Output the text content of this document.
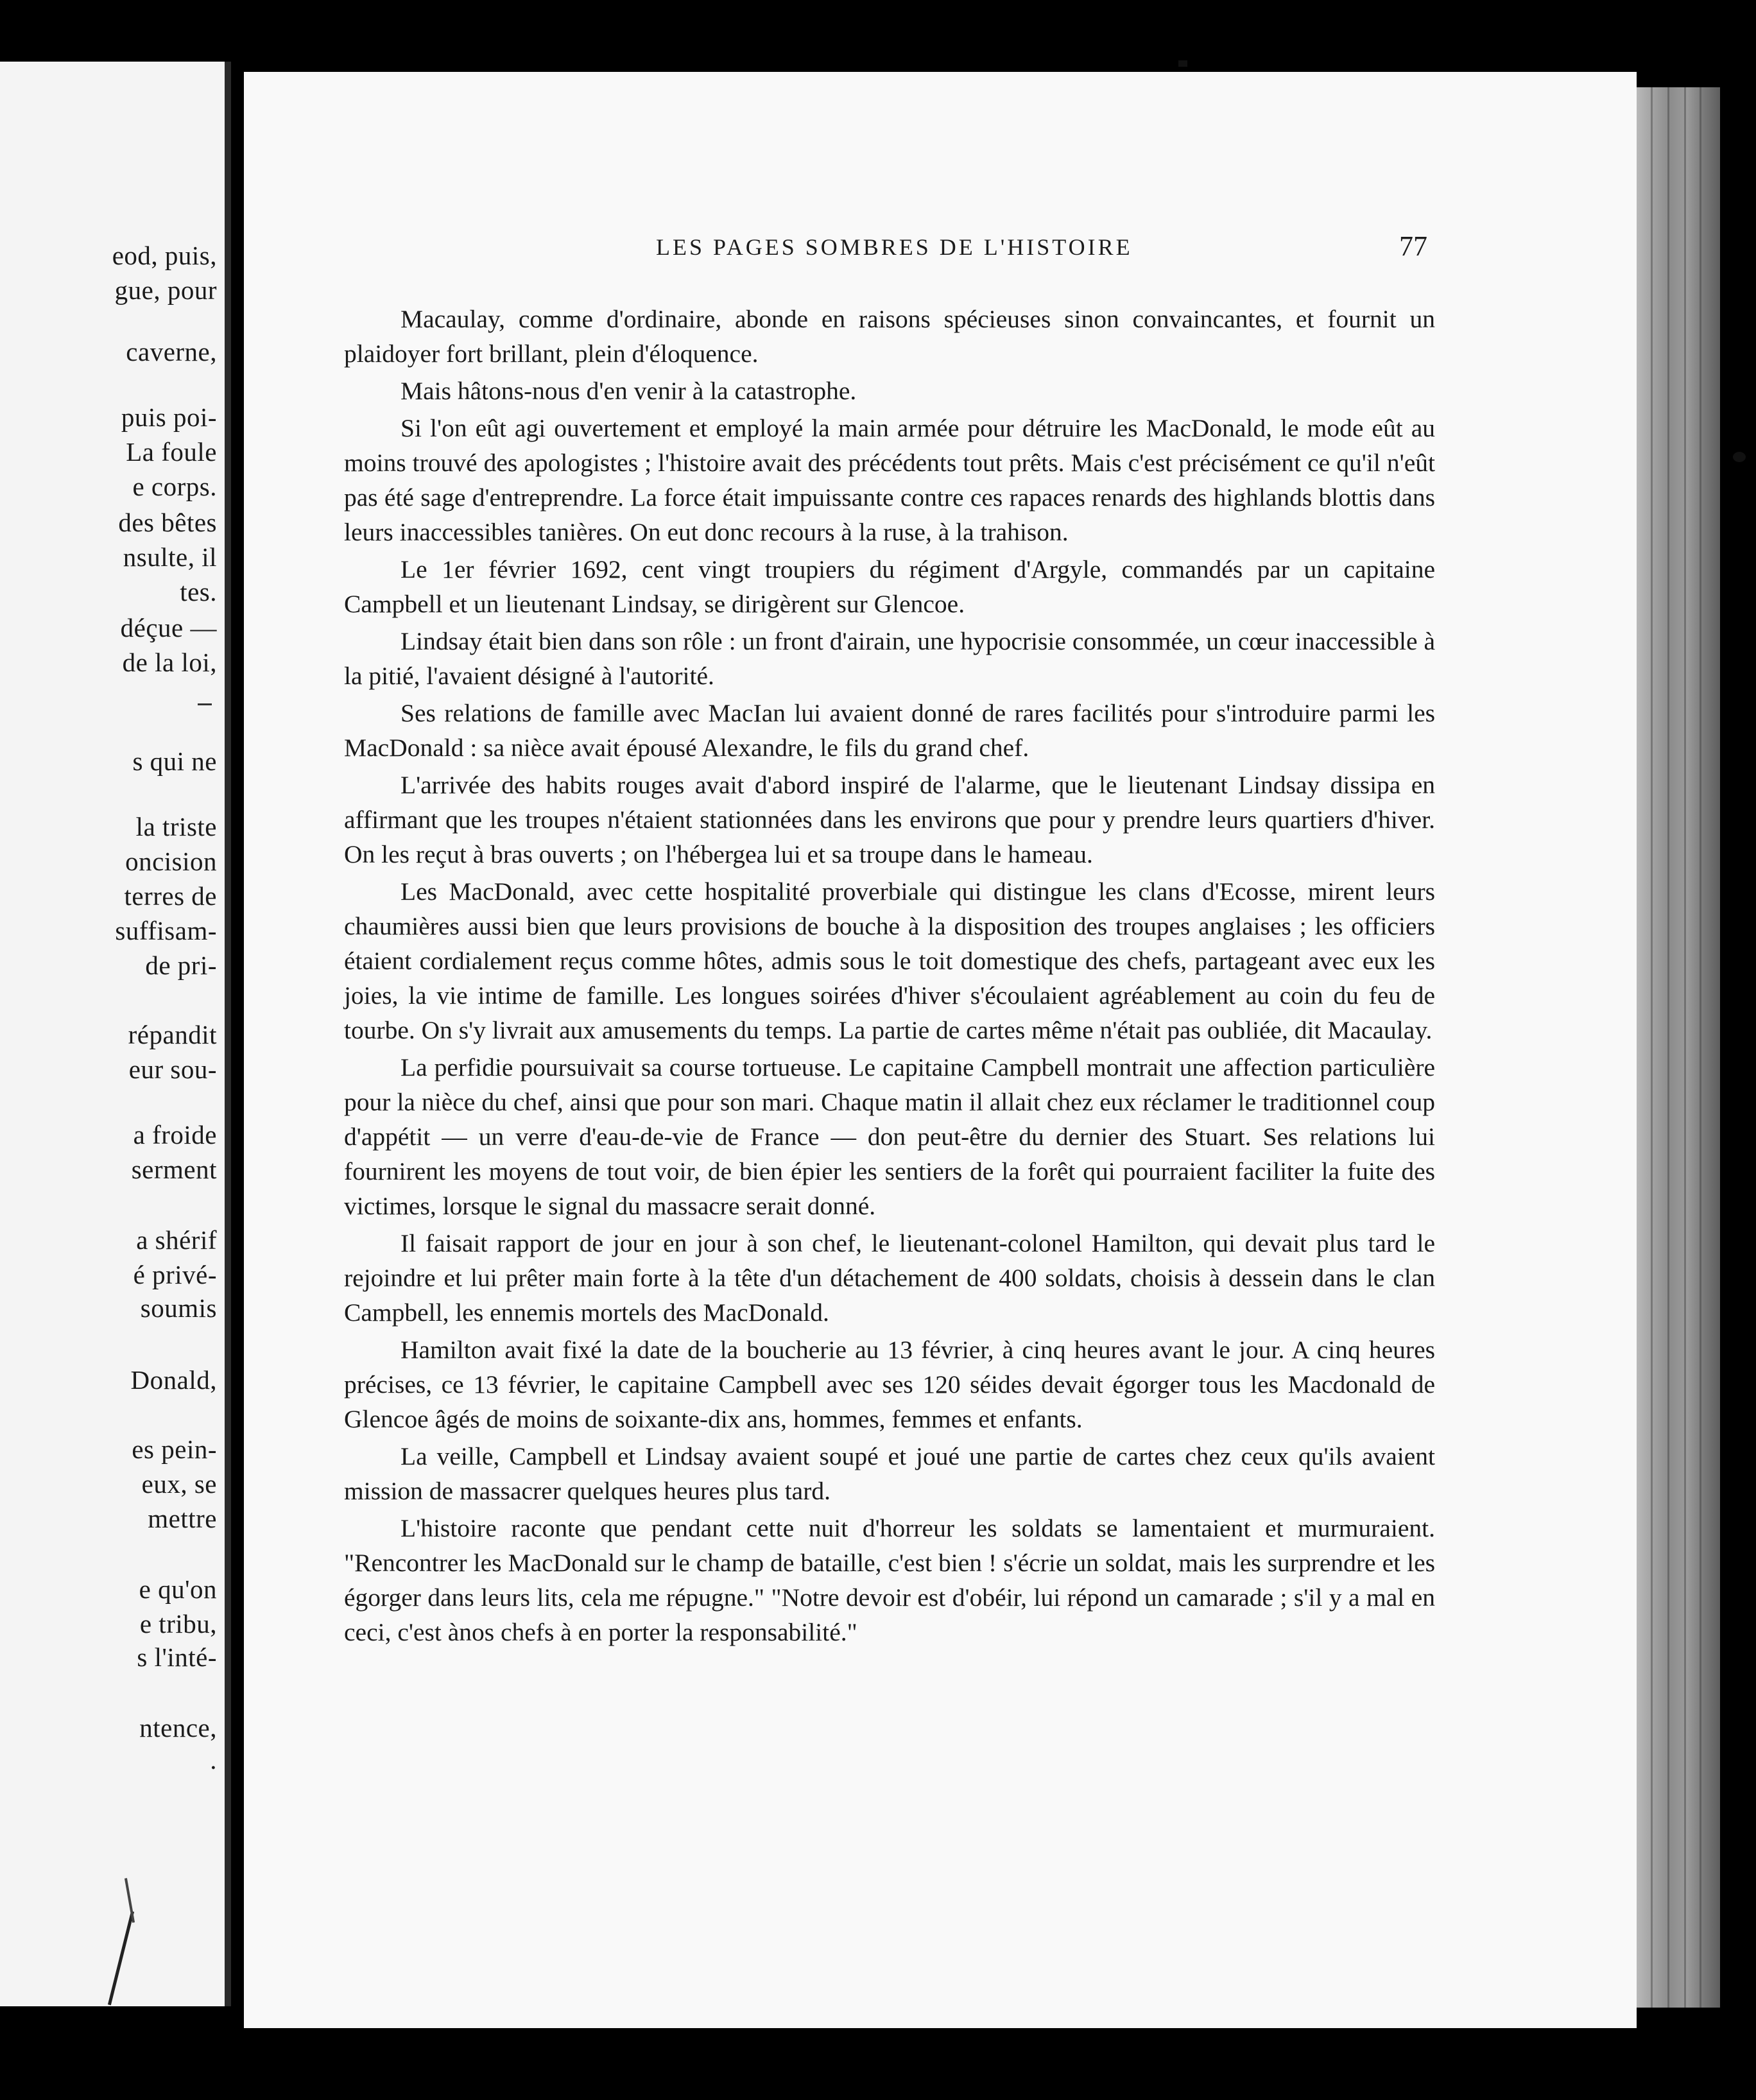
eod, puis,
gue, pour
caverne,
puis poi-
La foule
e corps.
des bêtes
nsulte, il
tes.
déçue —
de la loi,
s qui ne
la triste
oncision
terres de
suffisam-
de pri-
répandit
eur sou-
a froide
serment
a shérif
é privé-
soumis
Donald,
es pein-
eux, se
mettre
e qu'on
e tribu,
s l'inté-
ntence,
.
LES PAGES SOMBRES DE L'HISTOIRE	77

Macaulay, comme d'ordinaire, abonde en raisons spécieuses sinon convaincantes, et fournit un plaidoyer fort brillant, plein d'éloquence.

Mais hâtons-nous d'en venir à la catastrophe.

Si l'on eût agi ouvertement et employé la main armée pour détruire les MacDonald, le mode eût au moins trouvé des apologistes ; l'histoire avait des précédents tout prêts. Mais c'est précisément ce qu'il n'eût pas été sage d'entreprendre. La force était impuissante contre ces rapaces renards des highlands blottis dans leurs inaccessibles tanières. On eut donc recours à la ruse, à la trahison.

Le 1er février 1692, cent vingt troupiers du régiment d'Argyle, commandés par un capitaine Campbell et un lieutenant Lindsay, se dirigèrent sur Glencoe.

Lindsay était bien dans son rôle : un front d'airain, une hypocrisie consommée, un cœur inaccessible à la pitié, l'avaient désigné à l'autorité.

Ses relations de famille avec MacIan lui avaient donné de rares facilités pour s'introduire parmi les MacDonald : sa nièce avait épousé Alexandre, le fils du grand chef.

L'arrivée des habits rouges avait d'abord inspiré de l'alarme, que le lieutenant Lindsay dissipa en affirmant que les troupes n'étaient stationnées dans les environs que pour y prendre leurs quartiers d'hiver. On les reçut à bras ouverts ; on l'hébergea lui et sa troupe dans le hameau.

Les MacDonald, avec cette hospitalité proverbiale qui distingue les clans d'Ecosse, mirent leurs chaumières aussi bien que leurs provisions de bouche à la disposition des troupes anglaises ; les officiers étaient cordialement reçus comme hôtes, admis sous le toit domestique des chefs, partageant avec eux les joies, la vie intime de famille. Les longues soirées d'hiver s'écoulaient agréablement au coin du feu de tourbe. On s'y livrait aux amusements du temps. La partie de cartes même n'était pas oubliée, dit Macaulay.

La perfidie poursuivait sa course tortueuse. Le capitaine Campbell montrait une affection particulière pour la nièce du chef, ainsi que pour son mari. Chaque matin il allait chez eux réclamer le traditionnel coup d'appétit — un verre d'eau-de-vie de France — don peut-être du dernier des Stuart. Ses relations lui fournirent les moyens de tout voir, de bien épier les sentiers de la forêt qui pourraient faciliter la fuite des victimes, lorsque le signal du massacre serait donné.

Il faisait rapport de jour en jour à son chef, le lieutenant-colonel Hamilton, qui devait plus tard le rejoindre et lui prêter main forte à la tête d'un détachement de 400 soldats, choisis à dessein dans le clan Campbell, les ennemis mortels des MacDonald.

Hamilton avait fixé la date de la boucherie au 13 février, à cinq heures avant le jour. A cinq heures précises, ce 13 février, le capitaine Campbell avec ses 120 séides devait égorger tous les Macdonald de Glencoe âgés de moins de soixante-dix ans, hommes, femmes et enfants.

La veille, Campbell et Lindsay avaient soupé et joué une partie de cartes chez ceux qu'ils avaient mission de massacrer quelques heures plus tard.

L'histoire raconte que pendant cette nuit d'horreur les soldats se lamentaient et murmuraient. "Rencontrer les MacDonald sur le champ de bataille, c'est bien ! s'écrie un soldat, mais les surprendre et les égorger dans leurs lits, cela me répugne." "Notre devoir est d'obéir, lui répond un camarade ; s'il y a mal en ceci, c'est ànos chefs à en porter la responsabilité."
